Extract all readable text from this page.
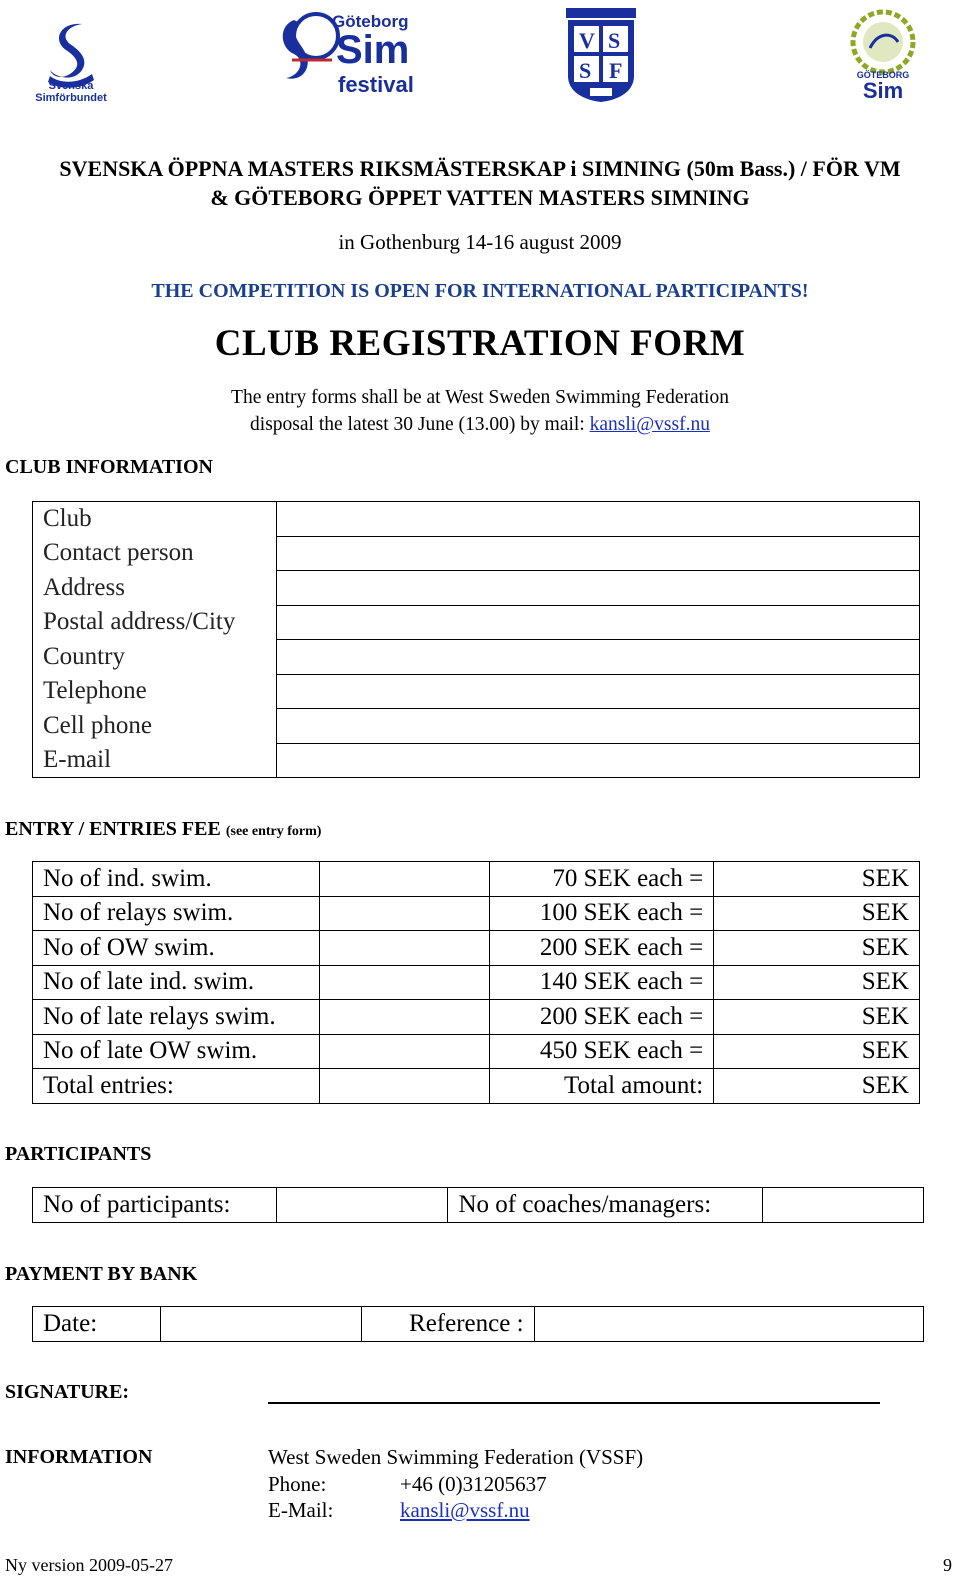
Svenska
Simförbundet
Göteborg
Sim
festival
V S
S F	GÖTEBORG
Sim
SVENSKA ÖPPNA MASTERS RIKSMÄSTERSKAP i SIMNING (50m Bass.) / FÖR VM
& GÖTEBORG ÖPPET VATTEN MASTERS SIMNING
in Gothenburg 14-16 august 2009
THE COMPETITION IS OPEN FOR INTERNATIONAL PARTICIPANTS!
CLUB REGISTRATION FORM
The entry forms shall be at West Sweden Swimming Federation
disposal the latest 30 June (13.00) by mail: kansli@vssf.nu
CLUB INFORMATION
Club	
Contact person	
Address	
Postal address/City	
Country	
Telephone	
Cell phone	
E-mail	
ENTRY / ENTRIES FEE (see entry form)
No of ind. swim.		70 SEK each =	SEK
No of relays swim.		100 SEK each =	SEK
No of OW swim.		200 SEK each =	SEK
No of late ind. swim.		140 SEK each =	SEK
No of late relays swim.		200 SEK each =	SEK
No of late OW swim.		450 SEK each =	SEK
Total entries:		Total amount:	SEK
PARTICIPANTS
No of participants:		No of coaches/managers:	
PAYMENT BY BANK
Date:		Reference :	
SIGNATURE:
INFORMATION	West Sweden Swimming Federation (VSSF)
Phone:	+46 (0)31205637
E-Mail:	kansli@vssf.nu
Ny version 2009-05-27	9
